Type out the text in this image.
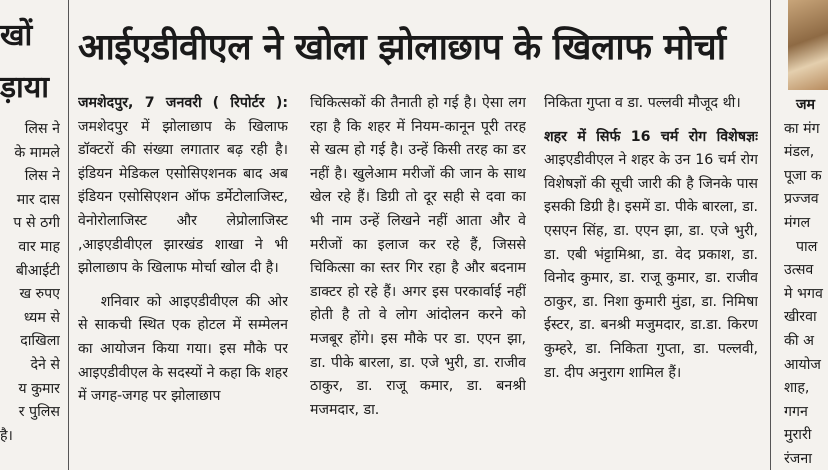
खों
ड़ाया
लिस ने
के मामले
लिस ने
मार दास
प से ठगी
वार माह
बीआईटी
ख रुपए
ध्यम से
दाखिला
देने से
य कुमार
र पुलिस
है।
आईएडीवीएल ने खोला झोलाछाप के खिलाफ मोर्चा

जमशेदपुर, 7 जनवरी ( रिपोर्टर ): जमशेदपुर में झोलाछाप के खिलाफ डॉक्टरों की संख्या लगातार बढ़ रही है। इंडियन मेडिकल एसोसिएशनक बाद अब इंडियन एसोसिएशन ऑफ डर्मेटोलाजिस्ट, वेनोरोलाजिस्ट और लेप्रोलाजिस्ट ,आइएडीवीएल झारखंड शाखा ने भी झोलाछाप के खिलाफ मोर्चा खोल दी है।

शनिवार को आइएडीवीएल की ओर से साकची स्थित एक होटल में सम्मेलन का आयोजन किया गया। इस मौके पर आइएडीवीएल के सदस्यों ने कहा कि शहर में जगह-जगह पर झोलाछाप

चिकित्सकों की तैनाती हो गई है। ऐसा लग रहा है कि शहर में नियम-कानून पूरी तरह से खत्म हो गई है। उन्हें किसी तरह का डर नहीं है। खुलेआम मरीजों की जान के साथ खेल रहे हैं। डिग्री तो दूर सही से दवा का भी नाम उन्हें लिखने नहीं आता और वे मरीजों का इलाज कर रहे हैं, जिससे चिकित्सा का स्तर गिर रहा है और बदनाम डाक्टर हो रहे हैं। अगर इस परकार्वाई नहीं होती है तो वे लोग आंदोलन करने को मजबूर होंगे। इस मौके पर डा. एएन झा, डा. पीके बारला, डा. एजे भुरी, डा. राजीव ठाकुर, डा. राजू कमार, डा. बनश्री मजमदार, डा.

निकिता गुप्ता व डा. पल्लवी मौजूद थी।

शहर में सिर्फ 16 चर्म रोग विशेषज्ञः आइएडीवीएल ने शहर के उन 16 चर्म रोग विशेषज्ञों की सूची जारी की है जिनके पास इसकी डिग्री है। इसमें डा. पीके बारला, डा. एसएन सिंह, डा. एएन झा, डा. एजे भुरी, डा. एबी भंट्टामिश्रा, डा. वेद प्रकाश, डा. विनोद कुमार, डा. राजू कुमार, डा. राजीव ठाकुर, डा. निशा कुमारी मुंडा, डा. निमिषा ईस्टर, डा. बनश्री मजुमदार, डा.डा. किरण कुम्हरे, डा. निकिता गुप्ता, डा. पल्लवी, डा. दीप अनुराग शामिल हैं।

जम
का मंग
मंडल,
पूजा क
प्रज्जव
मंगल
पाल
उत्सव
मे भगव
खीरवा
की अ
आयोज
शाह,
गगन
मुरारी
रंजना
